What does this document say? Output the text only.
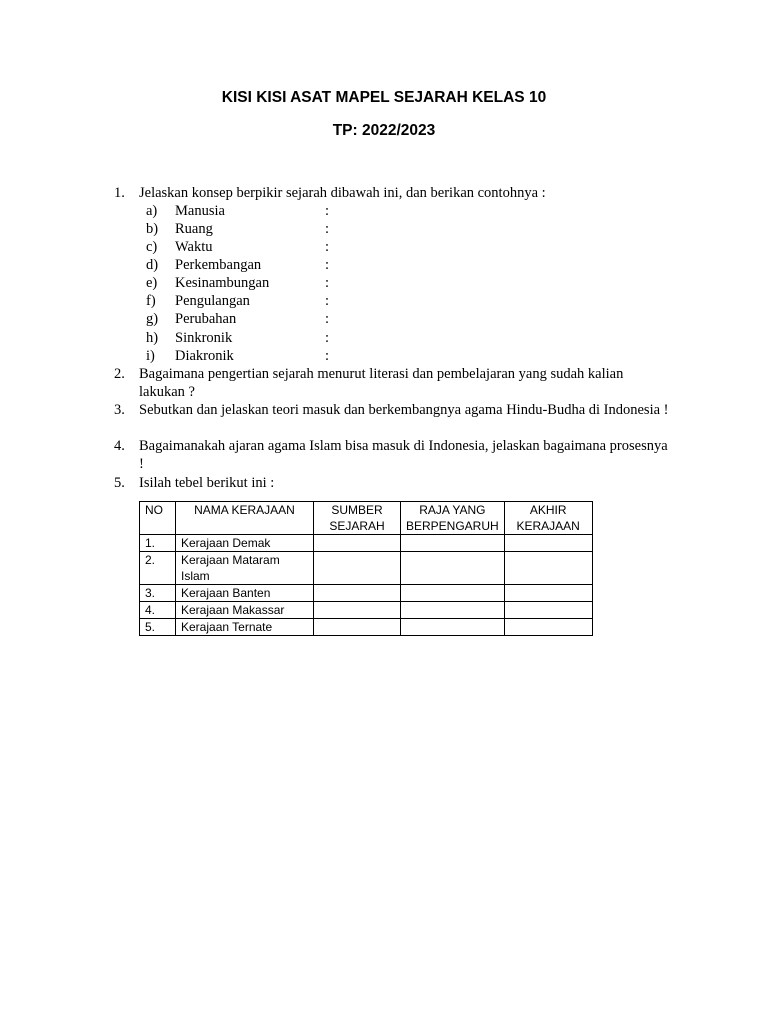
KISI KISI ASAT MAPEL SEJARAH KELAS 10
TP: 2022/2023
1. Jelaskan konsep berpikir sejarah dibawah ini, dan berikan contohnya :
a) Manusia	:
b) Ruang	:
c) Waktu	:
d) Perkembangan	:
e) Kesinambungan	:
f) Pengulangan	:
g) Perubahan	:
h) Sinkronik	:
i) Diakronik	:
2. Bagaimana pengertian sejarah menurut literasi dan pembelajaran yang sudah kalian lakukan ?
3. Sebutkan dan jelaskan teori masuk dan berkembangnya agama Hindu-Budha di Indonesia !
4. Bagaimanakah ajaran agama Islam bisa masuk di Indonesia, jelaskan bagaimana prosesnya !
5. Isilah tebel berikut ini :
NO	NAMA KERAJAAN	SUMBER SEJARAH	RAJA YANG BERPENGARUH	AKHIR KERAJAAN
1.	Kerajaan Demak			
2.	Kerajaan Mataram Islam			
3.	Kerajaan Banten			
4.	Kerajaan Makassar			
5.	Kerajaan Ternate			
